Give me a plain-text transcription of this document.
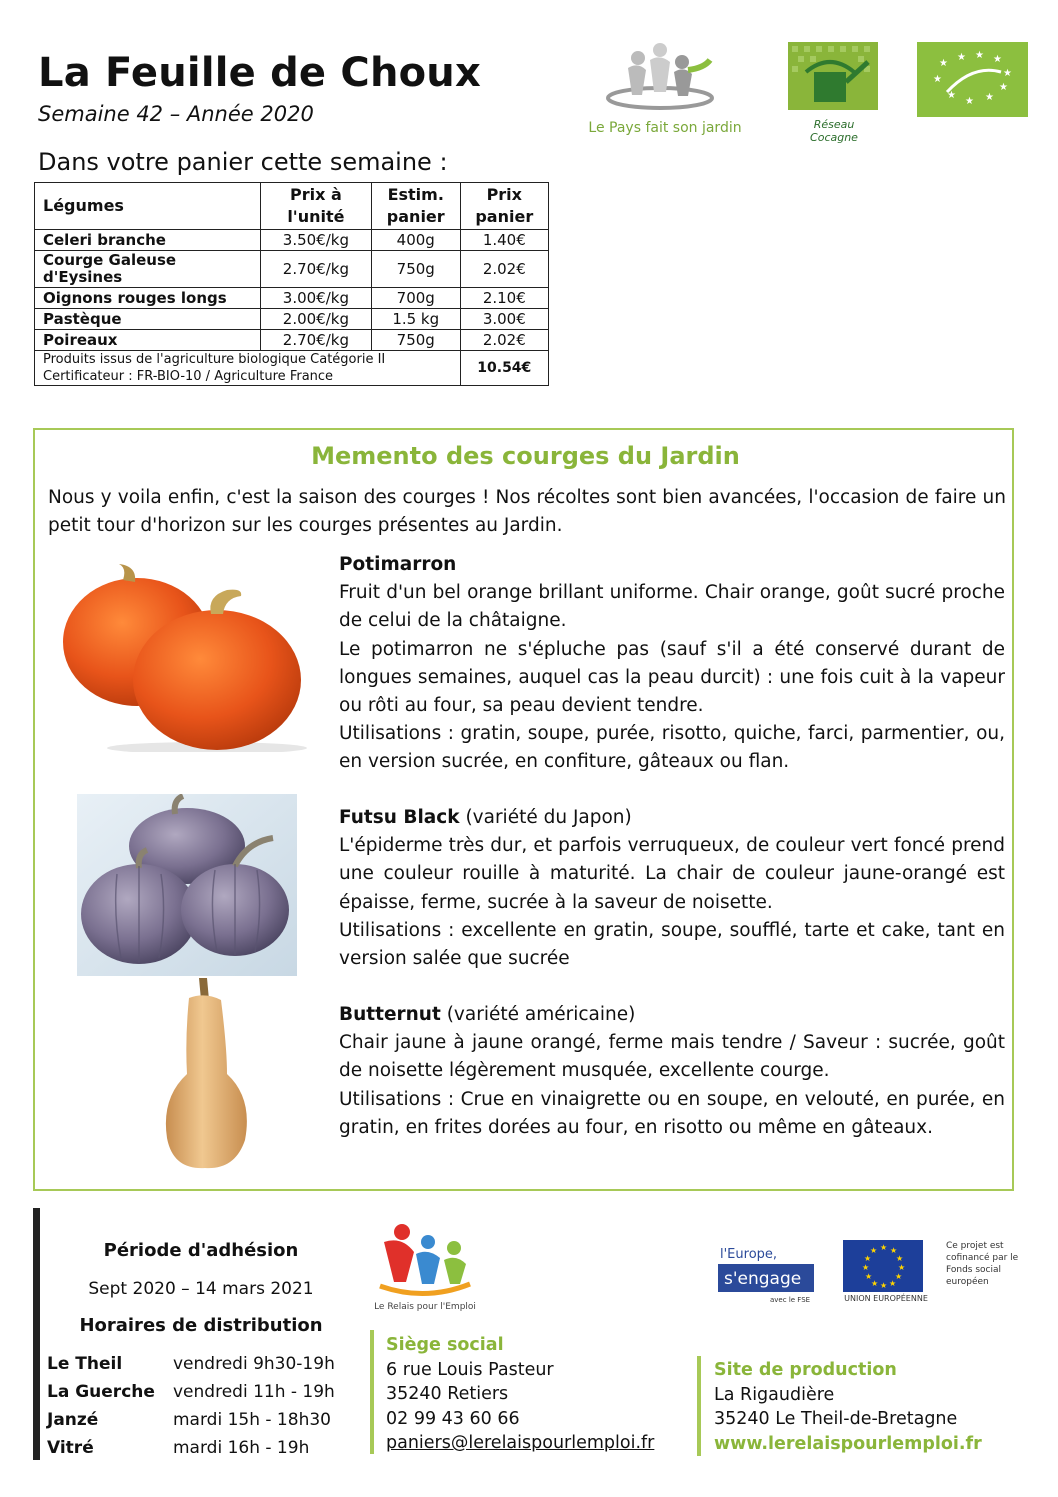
La Feuille de Choux
Semaine 42 – Année 2020
Dans votre panier cette semaine :
Le Pays fait son jardin	Réseau Cocagne
★
★ ★ ★
★
★
★
★ ★
★
Légumes	Prix à l'unité	Estim. panier	Prix panier
Celeri branche	3.50€/kg	400g	1.40€
Courge Galeuse d'Eysines	2.70€/kg	750g	2.02€
Oignons rouges longs	3.00€/kg	700g	2.10€
Pastèque	2.00€/kg	1.5 kg	3.00€
Poireaux	2.70€/kg	750g	2.02€

Produits issus de l'agriculture biologique Catégorie II
Certificateur : FR-BIO-10 / Agriculture France			10.54€
Memento des courges du Jardin
Nous y voila enfin, c'est la saison des courges ! Nos récoltes sont bien avancées, l'occasion de faire un petit tour d'horizon sur les courges présentes au Jardin.

Potimarron

Fruit d'un bel orange brillant uniforme. Chair orange, goût sucré proche de celui de la châtaigne.

Le potimarron ne s'épluche pas (sauf s'il a été conservé durant de longues semaines, auquel cas la peau durcit) : une fois cuit à la vapeur ou rôti au four, sa peau devient tendre.

Utilisations : gratin, soupe, purée, risotto, quiche, farci, parmentier, ou, en version sucrée, en confiture, gâteaux ou flan.

Futsu Black (variété du Japon)

L'épiderme très dur, et parfois verruqueux, de couleur vert foncé prend une couleur rouille à maturité. La chair de couleur jaune-orangé est épaisse, ferme, sucrée à la saveur de noisette.

Utilisations : excellente en gratin, soupe, soufflé, tarte et cake, tant en version salée que sucrée

Butternut (variété américaine)

Chair jaune à jaune orangé, ferme mais tendre / Saveur : sucrée, goût de noisette légèrement musquée, excellente courge.

Utilisations : Crue en vinaigrette ou en soupe, en velouté, en purée, en gratin, en frites dorées au four, en risotto ou même en gâteaux.

Période d'adhésion
Sept 2020 – 14 mars 2021
Horaires de distribution
Le Theil	vendredi 9h30-19h
La Guerche vendredi 11h - 19h
Janzé	mardi 15h - 18h30
Vitré	mardi 16h - 19h
Le Relais pour l'Emploi
Siège social
6 rue Louis Pasteur
35240 Retiers
02 99 43 60 66
paniers@lerelaispourlemploi.fr
l'Europe,
s'engage
avec le FSE
★ ★
★
★
★
★
★
★
★
★
★
★
UNION EUROPÉENNE
Ce projet est cofinancé par le Fonds social européen
Site de production
La Rigaudière
35240 Le Theil-de-Bretagne
www.lerelaispourlemploi.fr
